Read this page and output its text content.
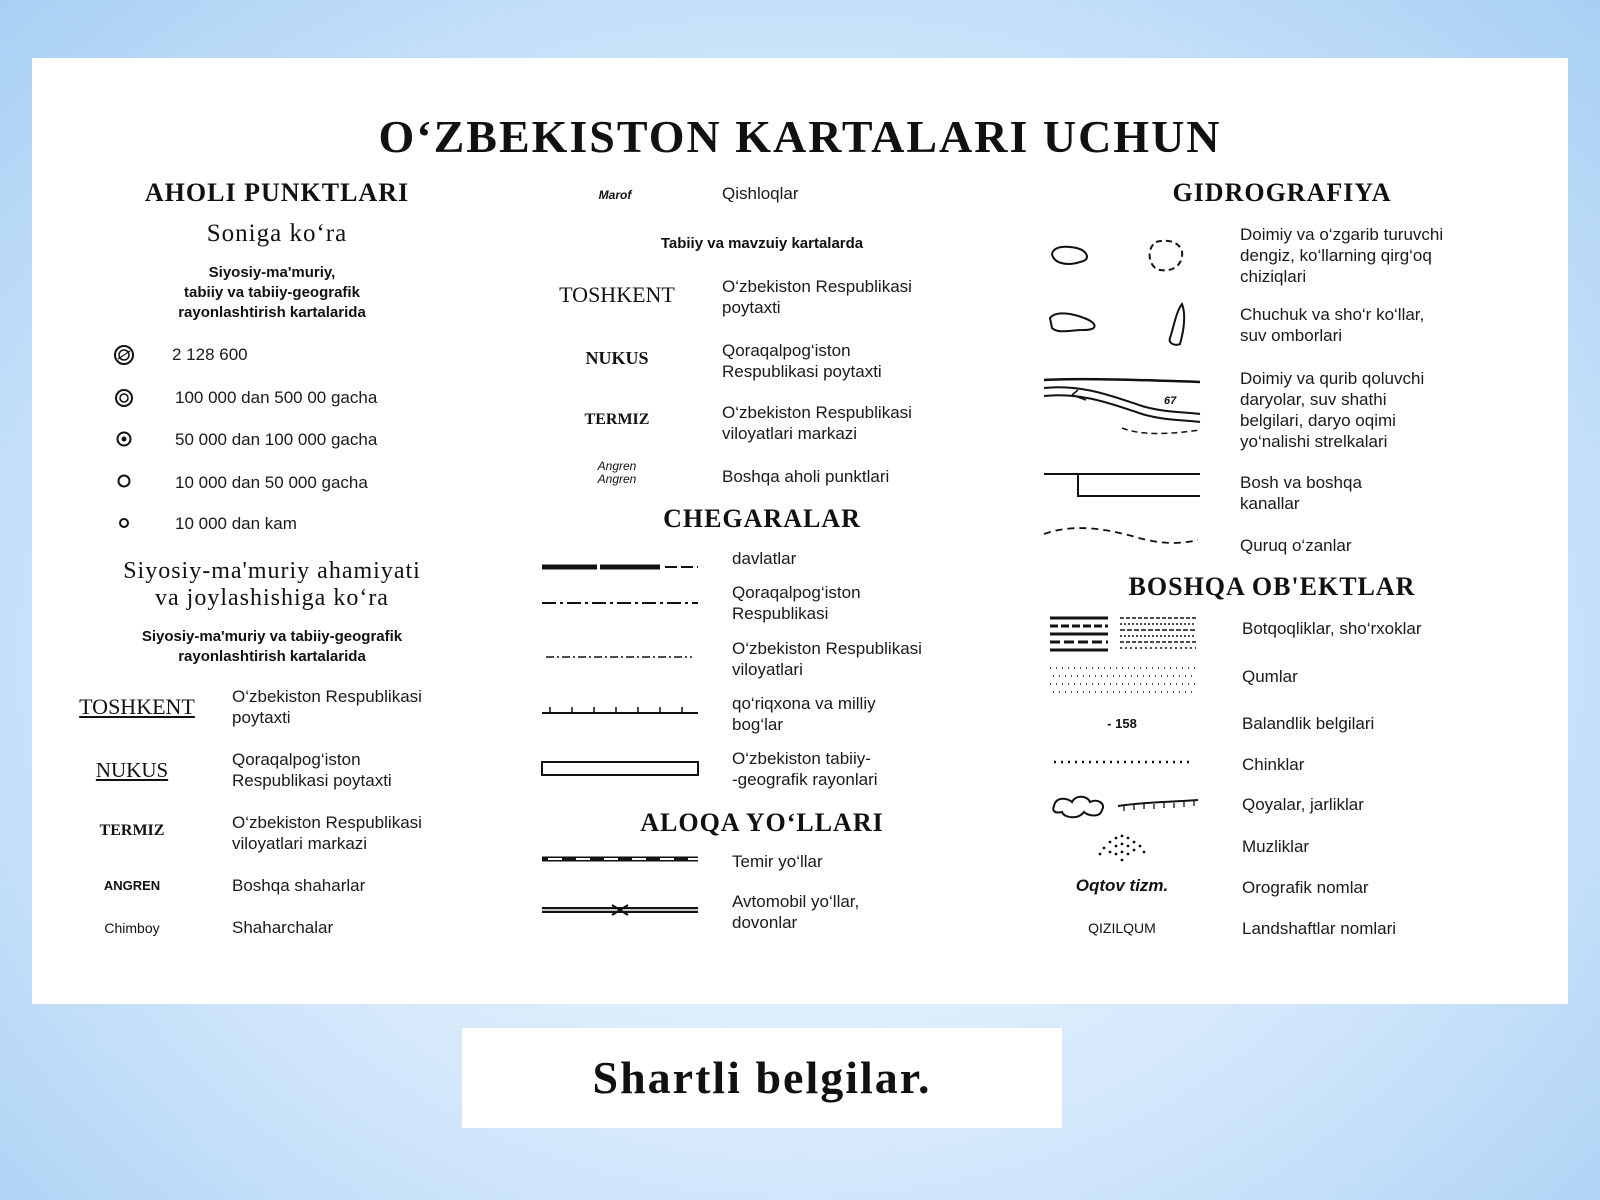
O‘ZBEKISTON KARTALARI UCHUN
AHOLI PUNKTLARI
Soniga ko‘ra
Siyosiy-ma'muriy,
tabiiy va tabiiy-geografik
rayonlashtirish kartalarida
2 128 600
100 000 dan 500 00 gacha
50 000 dan 100 000 gacha
10 000 dan 50 000 gacha
10 000 dan kam
Siyosiy-ma'muriy ahamiyati
va joylashishiga ko‘ra
Siyosiy-ma'muriy va tabiiy-geografik
rayonlashtirish kartalarida
TOSHKENT	O‘zbekiston Respublikasi
poytaxti
NUKUS	Qoraqalpog‘iston
Respublikasi poytaxti
TERMIZ	O‘zbekiston Respublikasi
viloyatlari markazi
ANGREN	Boshqa shaharlar
Chimboy	Shaharchalar
Marof	Qishloqlar
Tabiiy va mavzuiy kartalarda
TOSHKENT	O‘zbekiston Respublikasi
poytaxti
NUKUS	Qoraqalpog‘iston
Respublikasi poytaxti
TERMIZ	O‘zbekiston Respublikasi
viloyatlari markazi
Angren
Angren	Boshqa aholi punktlari
CHEGARALAR
davlatlar
Qoraqalpog‘iston
Respublikasi
O‘zbekiston Respublikasi
viloyatlari
qo‘riqxona va milliy
bog‘lar
O‘zbekiston tabiiy-
-geografik rayonlari
ALOQA YO‘LLARI
Temir yo‘llar
Avtomobil yo‘llar,
dovonlar
GIDROGRAFIYA
Doimiy va o‘zgarib turuvchi
dengiz, ko‘llarning qirg‘oq
chiziqlari
Chuchuk va sho‘r ko‘llar,
suv omborlari
67
Doimiy va qurib qoluvchi
daryolar, suv shathi
belgilari, daryo oqimi
yo‘nalishi strelkalari
Bosh va boshqa
kanallar
Quruq o‘zanlar
BOSHQA OB'EKTLAR
Botqoqliklar, sho‘rxoklar
Qumlar
- 158	Balandlik belgilari
Chinklar
Qoyalar, jarliklar
Muzliklar
Oqtov tizm.	Orografik nomlar
QIZILQUM	Landshaftlar nomlari
Shartli belgilar.
